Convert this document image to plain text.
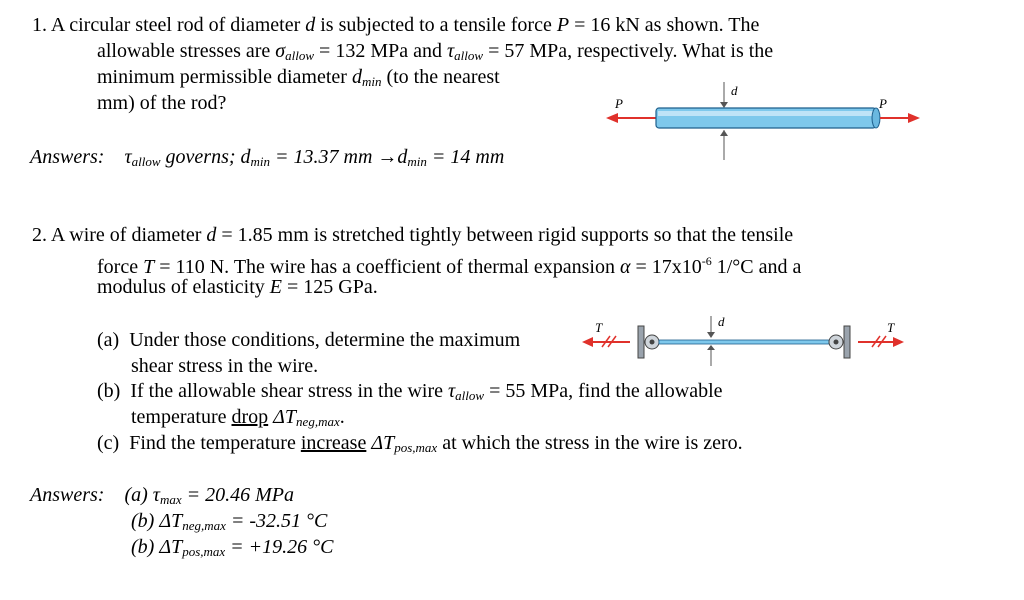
1. A circular steel rod of diameter d is subjected to a tensile force P = 16 kN as shown. The
allowable stresses are $\sigma_{allow} = 132$ MPa and $\tau_{allow} = 57$ MPa, respectively. What is the
minimum permissible diameter $d_{min}$ (to the nearest
mm) of the rod?
d
P	P
Answers: $\tau_{allow}$ governs; $d_{min} = 13.37$ mm $\to d_{min} = 14$ mm
2. A wire of diameter d = 1.85 mm is stretched tightly between rigid supports so that the tensile
force T = 110 N. The wire has a coefficient of thermal expansion $\alpha = 17x10^{-6}$ 1/°C and a
modulus of elasticity E = 125 GPa.
(a) Under those conditions, determine the maximum
shear stress in the wire.
d
T	T
(b) If the allowable shear stress in the wire $\tau_{allow} = 55$ MPa, find the allowable
temperature drop $\Delta T_{neg,max}$.
(c) Find the temperature increase $\Delta T_{pos,max}$ at which the stress in the wire is zero.
Answers: (a) $\tau_{max} = 20.46$ MPa
(b) $\Delta T_{neg,max} = -32.51$ °C
(b) $\Delta T_{pos,max} = +19.26$ °C
